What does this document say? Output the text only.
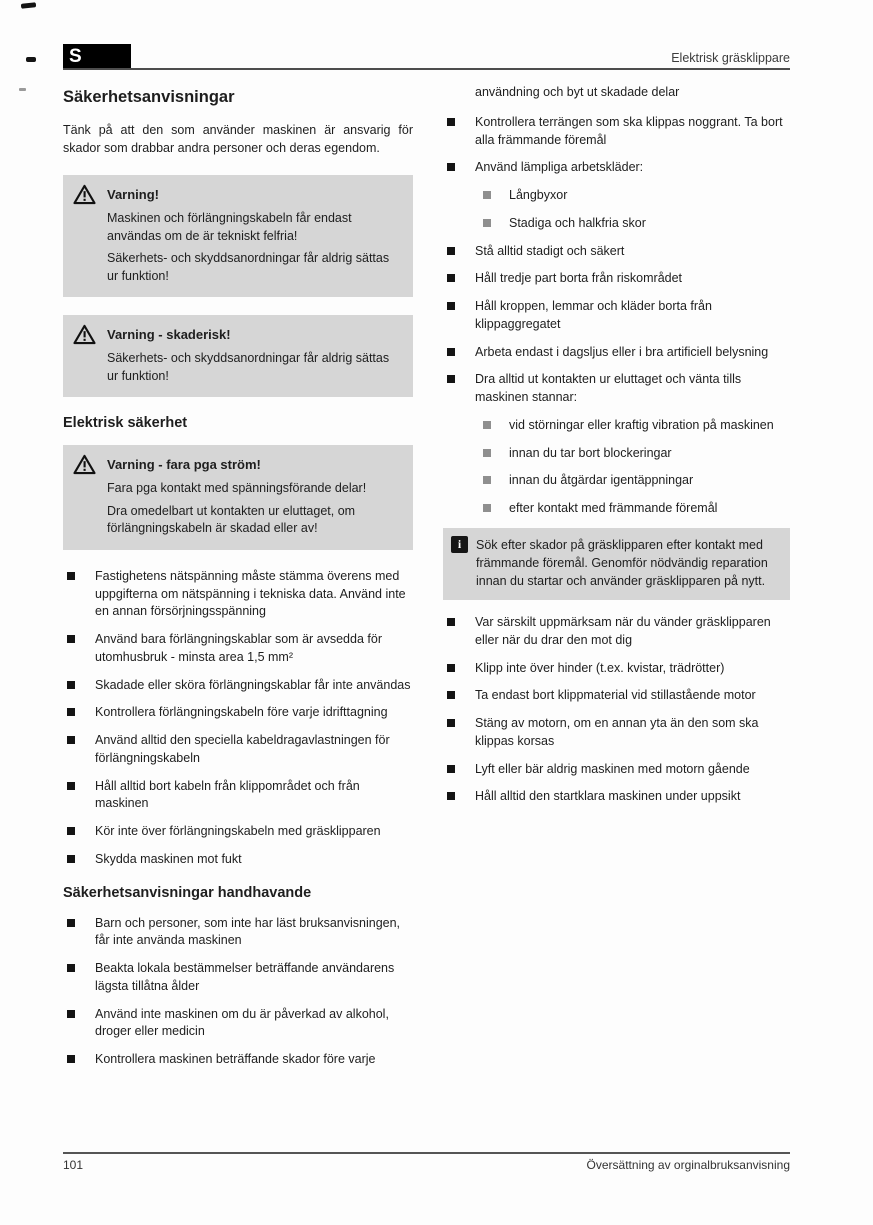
S	Elektrisk gräsklippare
Säkerhetsanvisningar

Tänk på att den som använder maskinen är ansvarig för skador som drabbar andra personer och deras egendom.

Varning!

Maskinen och förlängningskabeln får endast användas om de är tekniskt felfria!

Säkerhets- och skyddsanordningar får aldrig sättas ur funktion!

Varning - skaderisk!

Säkerhets- och skyddsanordningar får aldrig sättas ur funktion!

Elektrisk säkerhet
Varning - fara pga ström!

Fara pga kontakt med spänningsförande delar!

Dra omedelbart ut kontakten ur eluttaget, om förlängningskabeln är skadad eller av!

Fastighetens nätspänning måste stämma överens med uppgifterna om nätspänning i tekniska data. Använd inte en annan försörjningsspänning
Använd bara förlängningskablar som är avsedda för utomhusbruk - minsta area 1,5 mm²
Skadade eller sköra förlängningskablar får inte användas
Kontrollera förlängningskabeln före varje idrifttagning
Använd alltid den speciella kabeldragavlastningen för förlängningskabeln
Håll alltid bort kabeln från klippområdet och från maskinen
Kör inte över förlängningskabeln med gräsklipparen
Skydda maskinen mot fukt
Säkerhetsanvisningar handhavande
Barn och personer, som inte har läst bruksanvisningen, får inte använda maskinen
Beakta lokala bestämmelser beträffande användarens lägsta tillåtna ålder
Använd inte maskinen om du är påverkad av alkohol, droger eller medicin
Kontrollera maskinen beträffande skador före varje

användning och byt ut skadade delar

Kontrollera terrängen som ska klippas noggrant. Ta bort alla främmande föremål
Använd lämpliga arbetskläder:
Långbyxor
Stadiga och halkfria skor
Stå alltid stadigt och säkert
Håll tredje part borta från riskområdet
Håll kroppen, lemmar och kläder borta från klippaggregatet
Arbeta endast i dagsljus eller i bra artificiell belysning
Dra alltid ut kontakten ur eluttaget och vänta tills maskinen stannar:
vid störningar eller kraftig vibration på maskinen
innan du tar bort blockeringar
innan du åtgärdar igentäppningar
efter kontakt med främmande föremål
i	Sök efter skador på gräsklipparen efter kontakt med främmande föremål. Genomför nödvändig reparation innan du startar och använder gräsklipparen på nytt.
Var särskilt uppmärksam när du vänder gräsklipparen eller när du drar den mot dig
Klipp inte över hinder (t.ex. kvistar, trädrötter)
Ta endast bort klippmaterial vid stillastående motor
Stäng av motorn, om en annan yta än den som ska klippas korsas
Lyft eller bär aldrig maskinen med motorn gående
Håll alltid den startklara maskinen under uppsikt
101	Översättning av orginalbruksanvisning
